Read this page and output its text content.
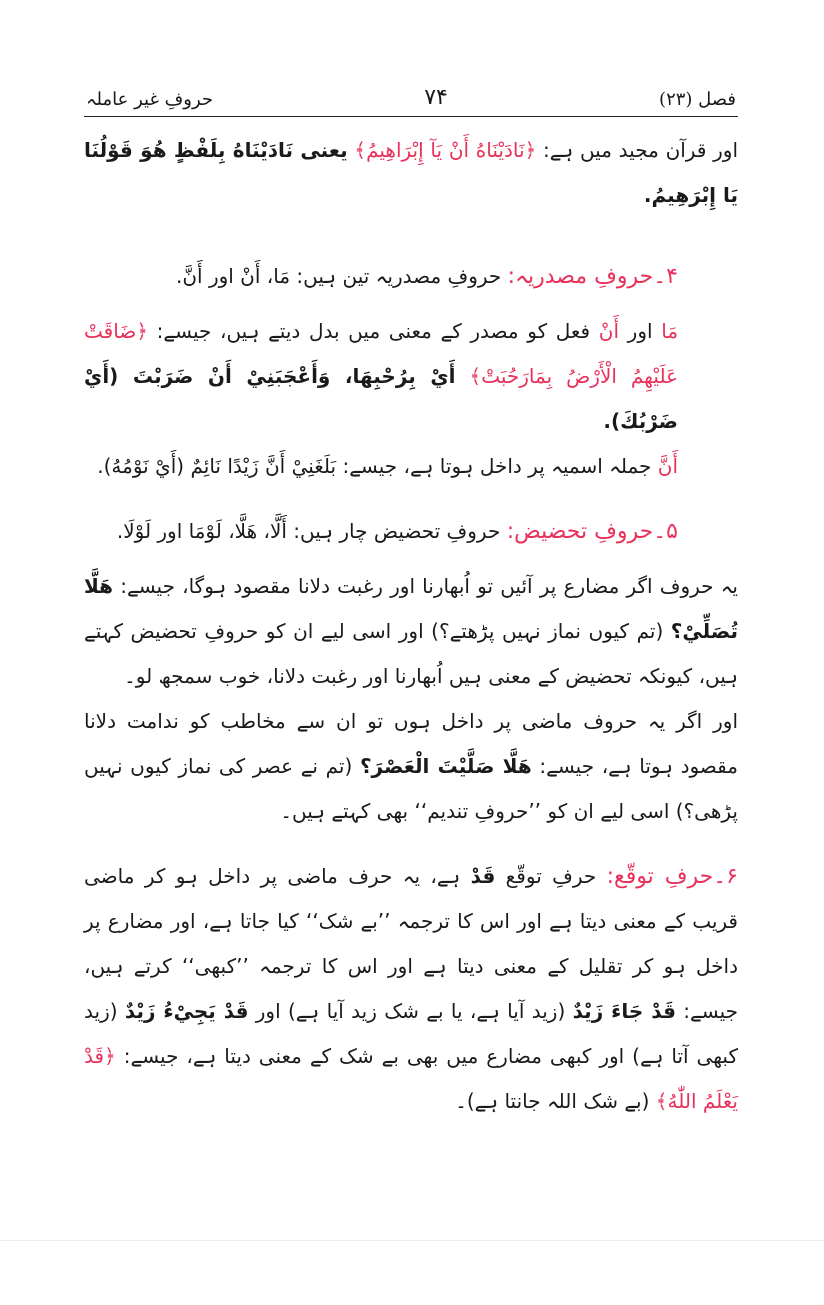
فصل (۲۳)
۷۴
حروفِ غیر عاملہ

اور قرآن مجید میں ہے: ﴿نَادَيْنَاهُ أَنْ يَآ إِبْرَاهِيمُ﴾ یعنی نَادَيْنَاهُ بِلَفْظٍ هُوَ قَوْلُنَا يَا إِبْرَهِيمُ.

۴۔حروفِ مصدریہ: حروفِ مصدریہ تین ہیں: مَا، أَنْ اور أَنَّ.

مَا اور أَنْ فعل کو مصدر کے معنی میں بدل دیتے ہیں، جیسے: ﴿ضَاقَتْ عَلَيْهِمُ الْأَرْضُ بِمَارَحُبَتْ﴾ أَيْ بِرُحْبِهَا، وَأَعْجَبَنِيْ أَنْ ضَرَبْتَ (أَيْ ضَرْبُكَ).

أَنَّ جملہ اسمیہ پر داخل ہوتا ہے، جیسے: بَلَغَنِيْ أَنَّ زَيْدًا نَائِمٌ (أَيْ نَوْمُهُ).

۵۔حروفِ تحضیض: حروفِ تحضیض چار ہیں: أَلَّا، هَلَّا، لَوْمَا اور لَوْلَا.

یہ حروف اگر مضارع پر آئیں تو اُبھارنا اور رغبت دلانا مقصود ہوگا، جیسے: هَلَّا تُصَلِّيْ؟ (تم کیوں نماز نہیں پڑھتے؟) اور اسی لیے ان کو حروفِ تحضیض کہتے ہیں، کیونکہ تحضیض کے معنی ہیں اُبھارنا اور رغبت دلانا، خوب سمجھ لو۔

اور اگر یہ حروف ماضی پر داخل ہوں تو ان سے مخاطب کو ندامت دلانا مقصود ہوتا ہے، جیسے: هَلَّا صَلَّيْتَ الْعَصْرَ؟ (تم نے عصر کی نماز کیوں نہیں پڑھی؟) اسی لیے ان کو ’’حروفِ تندیم‘‘ بھی کہتے ہیں۔

۶۔حرفِ توقّع: حرفِ توقّع قَدْ ہے، یہ حرف ماضی پر داخل ہو کر ماضی قریب کے معنی دیتا ہے اور اس کا ترجمہ ’’بے شک‘‘ کیا جاتا ہے، اور مضارع پر داخل ہو کر تقلیل کے معنی دیتا ہے اور اس کا ترجمہ ’’کبھی‘‘ کرتے ہیں، جیسے: قَدْ جَاءَ زَيْدٌ (زید آیا ہے، یا بے شک زید آیا ہے) اور قَدْ يَجِيْءُ زَيْدٌ (زید کبھی آتا ہے) اور کبھی مضارع میں بھی بے شک کے معنی دیتا ہے، جیسے: ﴿قَدْ يَعْلَمُ اللّٰهُ﴾ (بے شک اللہ جانتا ہے)۔
